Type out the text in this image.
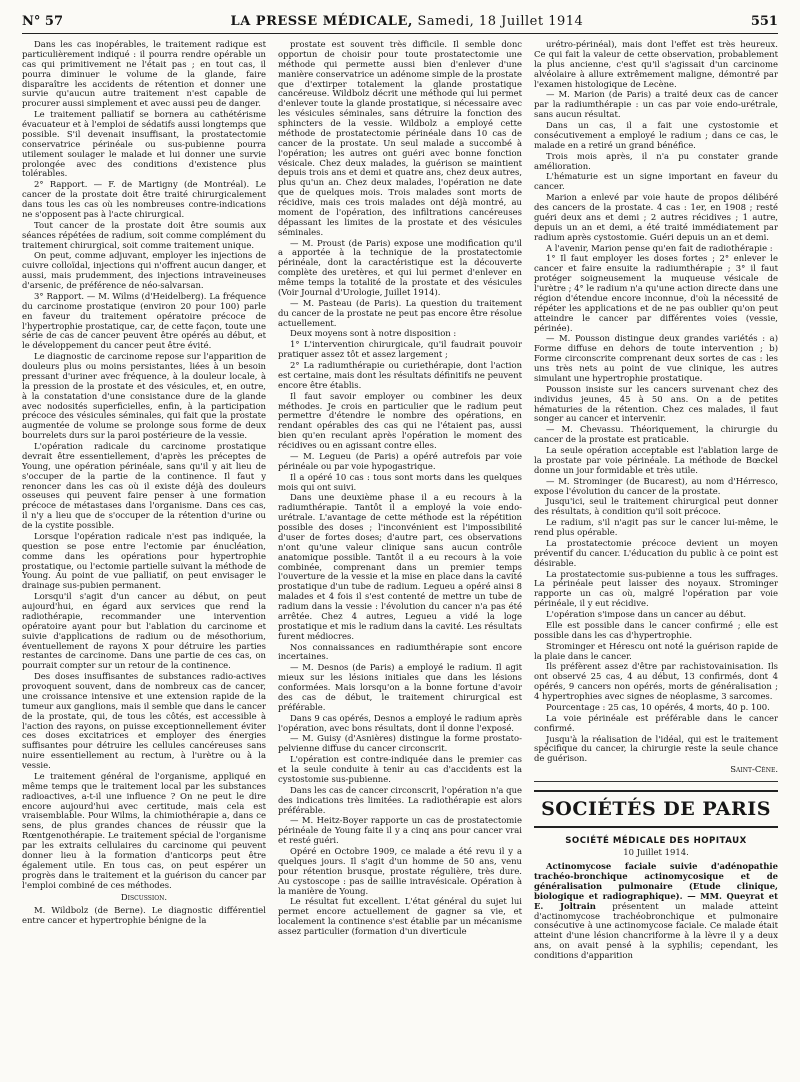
N° 57	LA PRESSE MÉDICALE, Samedi, 18 Juillet 1914	551

Dans les cas inopérables, le traitement radique est particulièrement indiqué : il pourra rendre opérable un cas qui primitivement ne l'était pas ; en tout cas, il pourra diminuer le volume de la glande, faire disparaître les accidents de rétention et donner une survie qu'aucun autre traitement n'est capable de procurer aussi simplement et avec aussi peu de danger.

Le traitement palliatif se bornera au cathétérisme évacuateur et à l'emploi de sédatifs aussi longtemps que possible. S'il devenait insuffisant, la prostatectomie conservatrice périnéale ou sus-pubienne pourra utilement soulager le malade et lui donner une survie prolongée avec des conditions d'existence plus tolérables.

2° Rapport. — F. de Martigny (de Montréal). Le cancer de la prostate doit être traité chirurgicalement dans tous les cas où les nombreuses contre-indications ne s'opposent pas à l'acte chirurgical.

Tout cancer de la prostate doit être soumis aux séances répétées de radium, soit comme complément du traitement chirurgical, soit comme traitement unique.

On peut, comme adjuvant, employer les injections de cuivre colloïdal, injections qui n'offrent aucun danger, et aussi, mais prudemment, des injections intraveineuses d'arsenic, de préférence de néo-salvarsan.

3° Rapport. — M. Wilms (d'Heidelberg). La fréquence du carcinome prostatique (environ 20 pour 100) parle en faveur du traitement opératoire précoce de l'hypertrophie prostatique, car, de cette façon, toute une série de cas de cancer peuvent être opérés au début, et le développement du cancer peut être évité.

Le diagnostic de carcinome repose sur l'apparition de douleurs plus ou moins persistantes, liées à un besoin pressant d'uriner avec fréquence, à la douleur locale, à la pression de la prostate et des vésicules, et, en outre, à la constatation d'une consistance dure de la glande avec nodosités superficielles, enfin, à la participation précoce des vésicules séminales, qui fait que la prostate augmentée de volume se prolonge sous forme de deux bourrelets durs sur la paroi postérieure de la vessie.

L'opération radicale du carcinome prostatique devrait être essentiellement, d'après les préceptes de Young, une opération périnéale, sans qu'il y ait lieu de s'occuper de la partie de la continence. Il faut y renoncer dans les cas où il existe déjà des douleurs osseuses qui peuvent faire penser à une formation précoce de métastases dans l'organisme. Dans ces cas, il n'y a lieu que de s'occuper de la rétention d'urine ou de la cystite possible.

Lorsque l'opération radicale n'est pas indiquée, la question se pose entre l'ectomie par énucléation, comme dans les opérations pour hypertrophie prostatique, ou l'ectomie partielle suivant la méthode de Young. Au point de vue palliatif, on peut envisager le drainage sus-pubien permanent.

Lorsqu'il s'agit d'un cancer au début, on peut aujourd'hui, en égard aux services que rend la radiothérapie, recommander une intervention opératoire ayant pour but l'ablation du carcinome et suivie d'applications de radium ou de mésothorium, éventuellement de rayons X pour détruire les parties restantes de carcinome. Dans une partie de ces cas, on pourrait compter sur un retour de la continence.

Des doses insuffisantes de substances radio-actives provoquent souvent, dans de nombreux cas de cancer, une croissance intensive et une extension rapide de la tumeur aux ganglions, mais il semble que dans le cancer de la prostate, qui, de tous les côtés, est accessible à l'action des rayons, on puisse exceptionnellement éviter ces doses excitatrices et employer des énergies suffisantes pour détruire les cellules cancéreuses sans nuire essentiellement au rectum, à l'urètre ou à la vessie.

Le traitement général de l'organisme, appliqué en même temps que le traitement local par les substances radioactives, a-t-il une influence ? On ne peut le dire encore aujourd'hui avec certitude, mais cela est vraisemblable. Pour Wilms, la chimiothérapie a, dans ce sens, de plus grandes chances de réussir que la Rœntgenothérapie. Le traitement spécial de l'organisme par les extraits cellulaires du carcinome qui peuvent donner lieu à la formation d'anticorps peut être également utile. En tous cas, on peut espérer un progrès dans le traitement et la guérison du cancer par l'emploi combiné de ces méthodes.

Discussion.

M. Wildbolz (de Berne). Le diagnostic différentiel entre cancer et hypertrophie bénigne de la

prostate est souvent très difficile. Il semble donc opportun de choisir pour toute prostatectomie une méthode qui permette aussi bien d'enlever d'une manière conservatrice un adénome simple de la prostate que d'extirper totalement la glande prostatique cancéreuse. Wildbolz décrit une méthode qui lui permet d'enlever toute la glande prostatique, si nécessaire avec les vésicules séminales, sans détruire la fonction des sphincters de la vessie. Wildbolz a employé cette méthode de prostatectomie périnéale dans 10 cas de cancer de la prostate. Un seul malade a succombé à l'opération; les autres ont guéri avec bonne fonction vésicale. Chez deux malades, la guérison se maintient depuis trois ans et demi et quatre ans, chez deux autres, plus qu'un an. Chez deux malades, l'opération ne date que de quelques mois. Trois malades sont morts de récidive, mais ces trois malades ont déjà montré, au moment de l'opération, des infiltrations cancéreuses dépassant les limites de la prostate et des vésicules séminales.

— M. Proust (de Paris) expose une modification qu'il a apportée à la technique de la prostatectomie périnéale, dont la caractéristique est la découverte complète des uretères, et qui lui permet d'enlever en même temps la totalité de la prostate et des vésicules (Voir Journal d'Urologie, Juillet 1914).

— M. Pasteau (de Paris). La question du traitement du cancer de la prostate ne peut pas encore être résolue actuellement.

Deux moyens sont à notre disposition :

1° L'intervention chirurgicale, qu'il faudrait pouvoir pratiquer assez tôt et assez largement ;

2° La radiumthérapie ou curiethérapie, dont l'action est certaine, mais dont les résultats définitifs ne peuvent encore être établis.

Il faut savoir employer ou combiner les deux méthodes. Je crois en particulier que le radium peut permettre d'étendre le nombre des opérations, en rendant opérables des cas qui ne l'étaient pas, aussi bien qu'en reculant après l'opération le moment des récidives ou en agissant contre elles.

— M. Legueu (de Paris) a opéré autrefois par voie périnéale ou par voie hypogastrique.

Il a opéré 10 cas : tous sont morts dans les quelques mois qui ont suivi.

Dans une deuxième phase il a eu recours à la radiumthérapie. Tantôt il a employé la voie endo-urétrale. L'avantage de cette méthode est la répétition possible des doses ; l'inconvénient est l'impossibilité d'user de fortes doses; d'autre part, ces observations n'ont qu'une valeur clinique sans aucun contrôle anatomique possible. Tantôt il a eu recours à la voie combinée, comprenant dans un premier temps l'ouverture de la vessie et la mise en place dans la cavité prostatique d'un tube de radium. Legueu a opéré ainsi 8 malades et 4 fois il s'est contenté de mettre un tube de radium dans la vessie : l'évolution du cancer n'a pas été arrêtée. Chez 4 autres, Legueu a vidé la loge prostatique et mis le radium dans la cavité. Les résultats furent médiocres.

Nos connaissances en radiumthérapie sont encore incertaines.

— M. Desnos (de Paris) a employé le radium. Il agit mieux sur les lésions initiales que dans les lésions conformées. Mais lorsqu'on a la bonne fortune d'avoir des cas de début, le traitement chirurgical est préférable.

Dans 9 cas opérés, Desnos a employé le radium après l'opération, avec bons résultats, dont il donne l'exposé.

— M. Guisy (d'Asnières) distingue la forme prostato-pelvienne diffuse du cancer circonscrit.

L'opération est contre-indiquée dans le premier cas et la seule conduite à tenir au cas d'accidents est la cystostomie sus-pubienne.

Dans les cas de cancer circonscrit, l'opération n'a que des indications très limitées. La radiothérapie est alors préférable.

— M. Heitz-Boyer rapporte un cas de prostatectomie périnéale de Young faite il y a cinq ans pour cancer vrai et resté guéri.

Opéré en Octobre 1909, ce malade a été revu il y a quelques jours. Il s'agit d'un homme de 50 ans, venu pour rétention brusque, prostate régulière, très dure. Au cystoscope : pas de saillie intravésicale. Opération à la manière de Young.

Le résultat fut excellent. L'état général du sujet lui permet encore actuellement de gagner sa vie, et localement la continence s'est établie par un mécanisme assez particulier (formation d'un diverticule

urétro-périnéal), mais dont l'effet est très heureux. Ce qui fait la valeur de cette observation, probablement la plus ancienne, c'est qu'il s'agissait d'un carcinome alvéolaire à allure extrêmement maligne, démontré par l'examen histologique de Lecène.

— M. Marion (de Paris) a traité deux cas de cancer par la radiumthérapie : un cas par voie endo-urétrale, sans aucun résultat.

Dans un cas, il a fait une cystostomie et consécutivement a employé le radium ; dans ce cas, le malade en a retiré un grand bénéfice.

Trois mois après, il n'a pu constater grande amélioration.

L'hématurie est un signe important en faveur du cancer.

Marion a enlevé par voie haute de propos délibéré des cancers de la prostate. 4 cas : 1er, en 1908 ; resté guéri deux ans et demi ; 2 autres récidives ; 1 autre, depuis un an et demi, a été traité immédiatement par radium après cystostomie. Guéri depuis un an et demi.

A l'avenir, Marion pense qu'en fait de radiothérapie :

1° Il faut employer les doses fortes ; 2° enlever le cancer et faire ensuite la radiumthérapie ; 3° il faut protéger soigneusement la muqueuse vésicale de l'urètre ; 4° le radium n'a qu'une action directe dans une région d'étendue encore inconnue, d'où la nécessité de répéter les applications et de ne pas oublier qu'on peut atteindre le cancer par différentes voies (vessie, périnée).

— M. Pousson distingue deux grandes variétés : a) Forme diffuse en dehors de toute intervention ; b) Forme circonscrite comprenant deux sortes de cas : les uns très nets au point de vue clinique, les autres simulant une hypertrophie prostatique.

Pousson insiste sur les cancers survenant chez des individus jeunes, 45 à 50 ans. On a de petites hématuries de la rétention. Chez ces malades, il faut songer au cancer et intervenir.

— M. Chevassu. Théoriquement, la chirurgie du cancer de la prostate est praticable.

La seule opération acceptable est l'ablation large de la prostate par voie périnéale. La méthode de Bœckel donne un jour formidable et très utile.

— M. Strominger (de Bucarest), au nom d'Hérresco, expose l'évolution du cancer de la prostate.

Jusqu'ici, seul le traitement chirurgical peut donner des résultats, à condition qu'il soit précoce.

Le radium, s'il n'agit pas sur le cancer lui-même, le rend plus opérable.

La prostatectomie précoce devient un moyen préventif du cancer. L'éducation du public à ce point est désirable.

La prostatectomie sus-pubienne a tous les suffrages. La périnéale peut laisser des noyaux. Strominger rapporte un cas où, malgré l'opération par voie périnéale, il y eut récidive.

L'opération s'impose dans un cancer au début.

Elle est possible dans le cancer confirmé ; elle est possible dans les cas d'hypertrophie.

Strominger et Hérescu ont noté la guérison rapide de la plaie dans le cancer.

Ils préfèrent assez d'être par rachistovainisation. Ils ont observé 25 cas, 4 au début, 13 confirmés, dont 4 opérés, 9 cancers non opérés, morts de généralisation ; 4 hypertrophies avec signes de néoplasme, 3 sarcomes.

Pourcentage : 25 cas, 10 opérés, 4 morts, 40 p. 100.

La voie périnéale est préférable dans le cancer confirmé.

Jusqu'à la réalisation de l'idéal, qui est le traitement spécifique du cancer, la chirurgie reste la seule chance de guérison.

Saint-Cène.

SOCIÉTÉS DE PARIS
SOCIÉTÉ MÉDICALE DES HOPITAUX
10 Juillet 1914.

Actinomycose faciale suivie d'adénopathie trachéo-bronchique actinomycosique et de généralisation pulmonaire (Etude clinique, biologique et radiographique). — MM. Queyrat et E. Joltrain présentent un malade atteint d'actinomycose trachéobronchique et pulmonaire consécutive à une actinomycose faciale. Ce malade était atteint d'une lésion chancriforme à la lèvre il y a deux ans, on avait pensé à la syphilis; cependant, les conditions d'apparition
